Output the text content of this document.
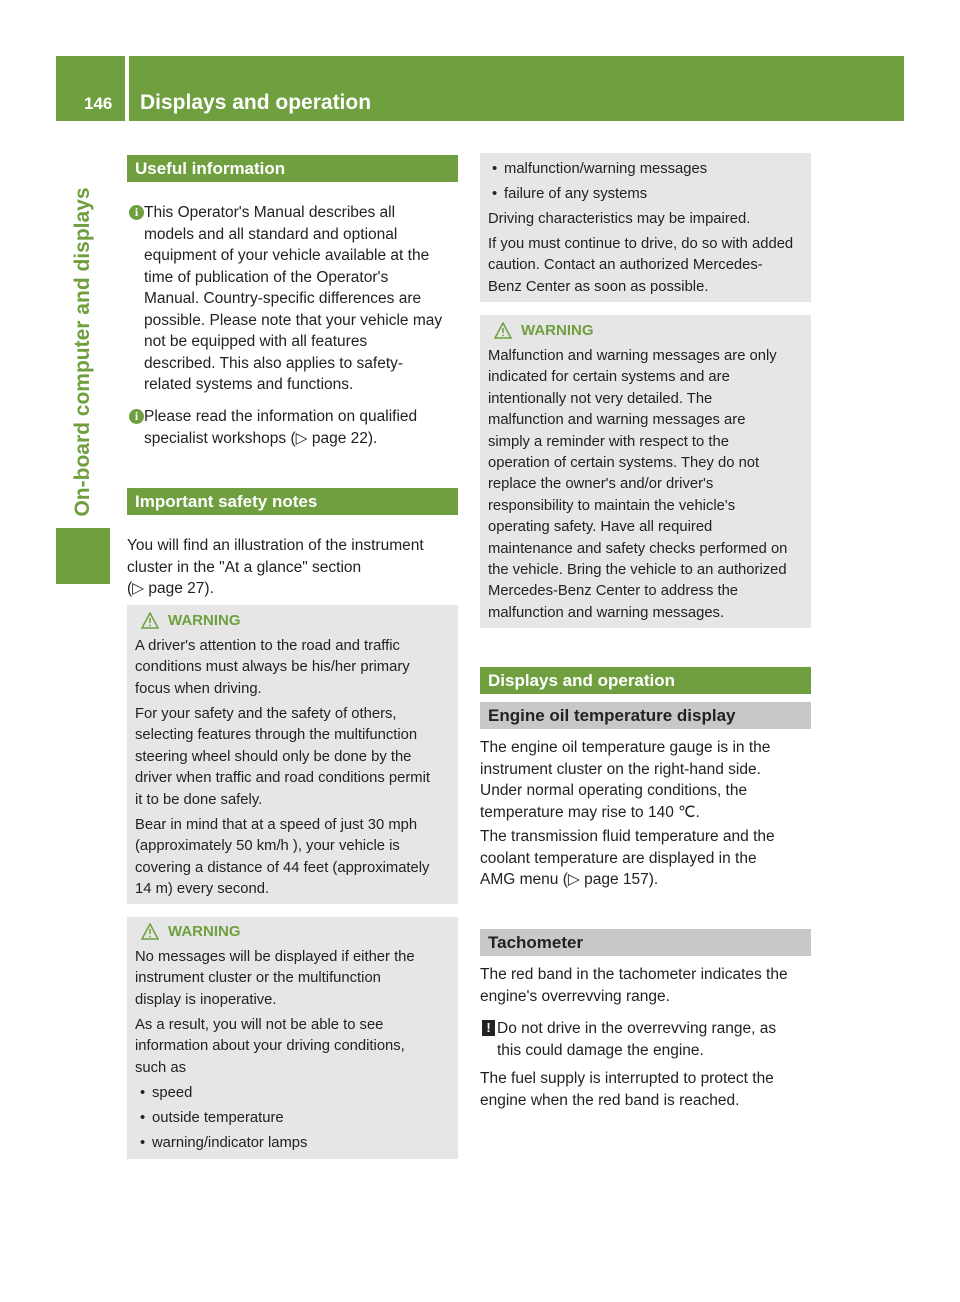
146 Displays and operation
On-board computer and displays
Useful information
i This Operator's Manual describes all
models and all standard and optional
equipment of your vehicle available at the
time of publication of the Operator's
Manual. Country-specific differences are
possible. Please note that your vehicle may
not be equipped with all features
described. This also applies to safety-
related systems and functions.
i Please read the information on qualified
specialist workshops (▷ page 22).
Important safety notes
You will find an illustration of the instrument
cluster in the "At a glance" section
(▷ page 27).
WARNING
A driver's attention to the road and traffic
conditions must always be his/her primary
focus when driving.
For your safety and the safety of others,
selecting features through the multifunction
steering wheel should only be done by the
driver when traffic and road conditions permit
it to be done safely.
Bear in mind that at a speed of just 30 mph
(approximately 50 km/h ), your vehicle is
covering a distance of 44 feet (approximately
14 m) every second.
WARNING
No messages will be displayed if either the
instrument cluster or the multifunction
display is inoperative.
As a result, you will not be able to see
information about your driving conditions,
such as
• speed
• outside temperature
• warning/indicator lamps
• malfunction/warning messages
• failure of any systems
Driving characteristics may be impaired.
If you must continue to drive, do so with added
caution. Contact an authorized Mercedes-
Benz Center as soon as possible.
WARNING
Malfunction and warning messages are only
indicated for certain systems and are
intentionally not very detailed. The
malfunction and warning messages are
simply a reminder with respect to the
operation of certain systems. They do not
replace the owner's and/or driver's
responsibility to maintain the vehicle's
operating safety. Have all required
maintenance and safety checks performed on
the vehicle. Bring the vehicle to an authorized
Mercedes-Benz Center to address the
malfunction and warning messages.
Displays and operation
Engine oil temperature display
The engine oil temperature gauge is in the
instrument cluster on the right-hand side.
Under normal operating conditions, the
temperature may rise to 140 ℃.
The transmission fluid temperature and the
coolant temperature are displayed in the
AMG menu (▷ page 157).
Tachometer
The red band in the tachometer indicates the
engine's overrevving range.
! Do not drive in the overrevving range, as
this could damage the engine.
The fuel supply is interrupted to protect the
engine when the red band is reached.
